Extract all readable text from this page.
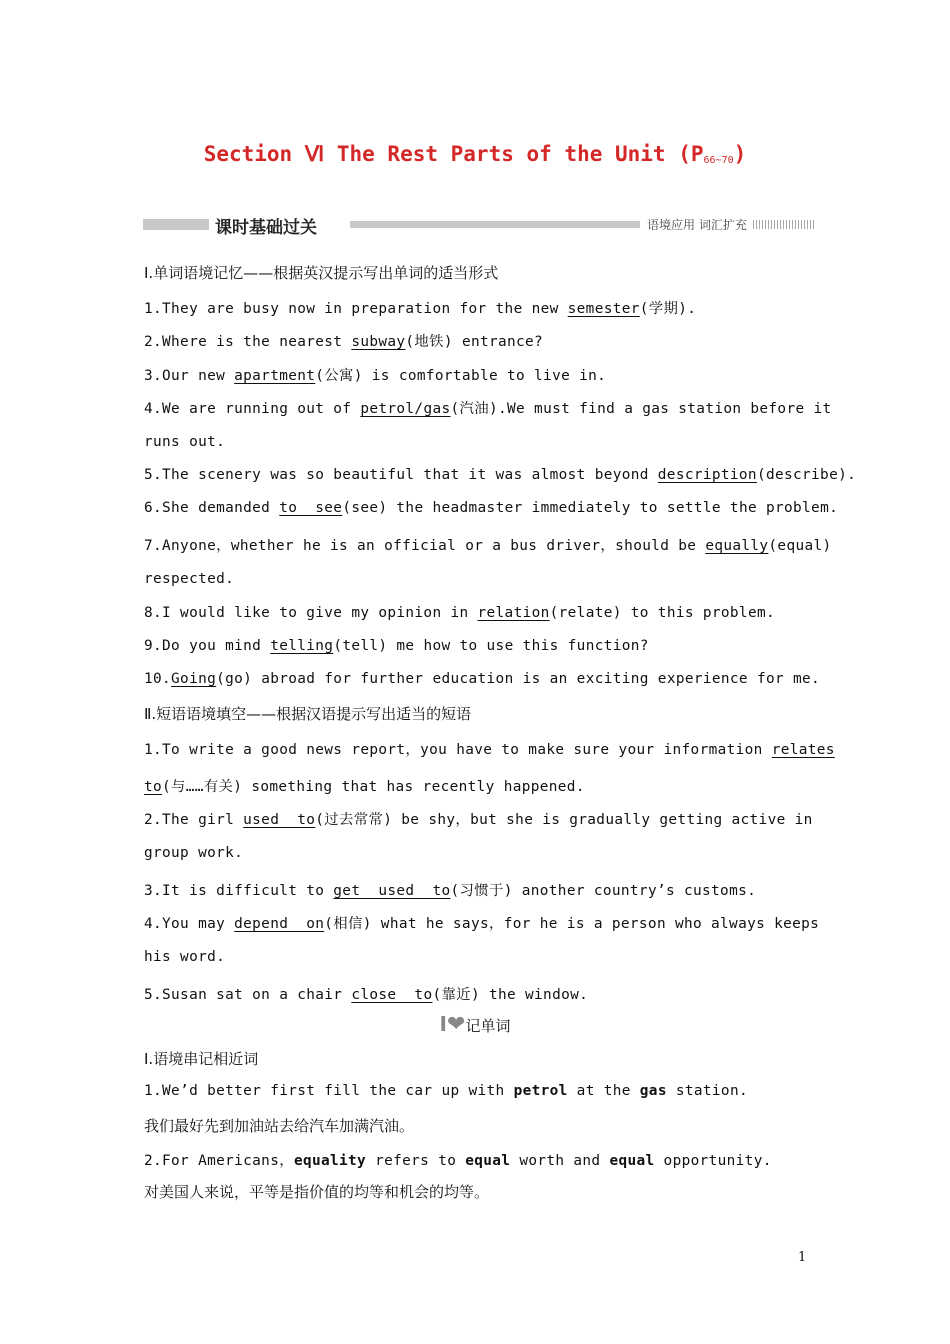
Section Ⅵ The Rest Parts of the Unit $(P_{66\sim 70})$
课时基础过关	语境应用 词汇扩充
Ⅰ.单词语境记忆——根据英汉提示写出单词的适当形式
1.They are busy now in preparation for the new semester(学期).
2.Where is the nearest subway(地铁) entrance?
3.Our new apartment(公寓) is comfortable to live in.
4.We are running out of petrol/gas(汽油).We must find a gas station before it
runs out.
5.The scenery was so beautiful that it was almost beyond description(describe).
6.She demanded to  see(see) the headmaster immediately to settle the problem.
7.Anyone，whether he is an official or a bus driver，should be equally(equal)
respected.
8.I would like to give my opinion in relation(relate) to this problem.
9.Do you mind telling(tell) me how to use this function?
10.Going(go) abroad for further education is an exciting experience for me.
Ⅱ.短语语境填空——根据汉语提示写出适当的短语
1.To write a good news report，you have to make sure your information relates
to(与……有关) something that has recently happened.
2.The girl used  to(过去常常) be shy，but she is gradually getting active in
group work.
3.It is difficult to get  used  to(习惯于) another country’s customs.
4.You may depend  on(相信) what he says，for he is a person who always keeps
his word.
5.Susan sat on a chair close  to(靠近) the window.
I❤记单词
Ⅰ.语境串记相近词
1.We’d better first fill the car up with petrol at the gas station.
我们最好先到加油站去给汽车加满汽油。
2.For Americans，equality refers to equal worth and equal opportunity.
对美国人来说，平等是指价值的均等和机会的均等。
1
